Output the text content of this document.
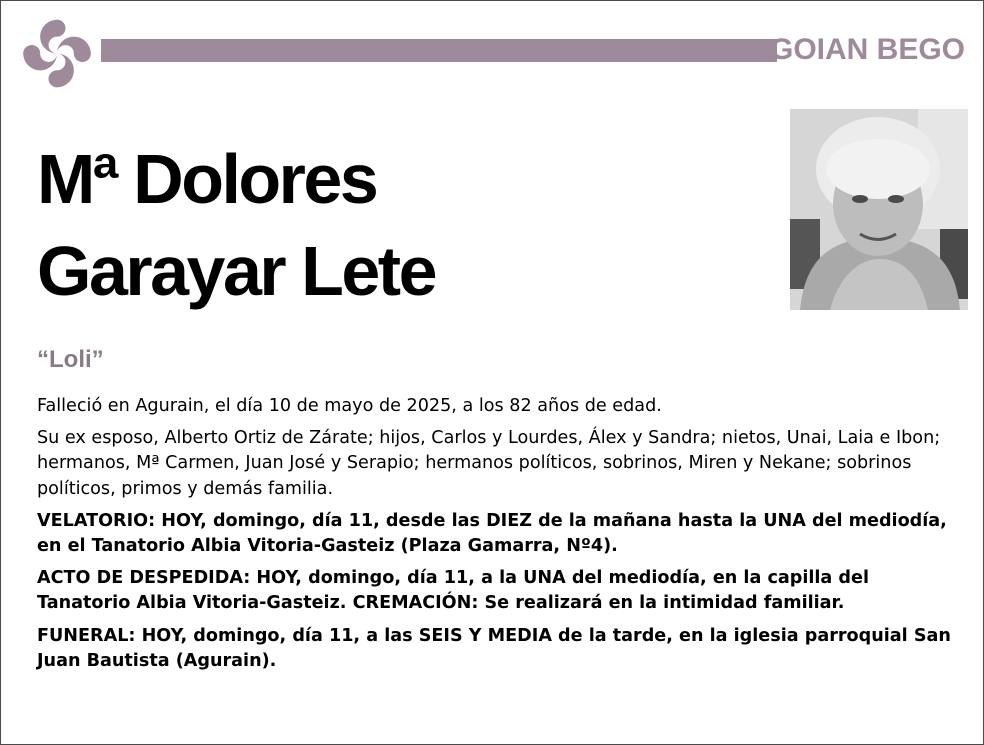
GOIAN BEGO
Mª Dolores
Garayar Lete
“Loli”

Falleció en Agurain, el día 10 de mayo de 2025, a los 82 años de edad.

Su ex esposo, Alberto Ortiz de Zárate; hijos, Carlos y Lourdes, Álex y Sandra; nietos, Unai, Laia e Ibon; hermanos, Mª Carmen, Juan José y Serapio; hermanos políticos, sobrinos, Miren y Nekane; sobrinos políticos, primos y demás familia.

VELATORIO: HOY, domingo, día 11, desde las DIEZ de la mañana hasta la UNA del mediodía, en el Tanatorio Albia Vitoria-Gasteiz (Plaza Gamarra, Nº4).

ACTO DE DESPEDIDA: HOY, domingo, día 11, a la UNA del mediodía, en la capilla del Tanatorio Albia Vitoria-Gasteiz. CREMACIÓN: Se realizará en la intimidad familiar.

FUNERAL: HOY, domingo, día 11, a las SEIS Y MEDIA de la tarde, en la iglesia parroquial San Juan Bautista (Agurain).
